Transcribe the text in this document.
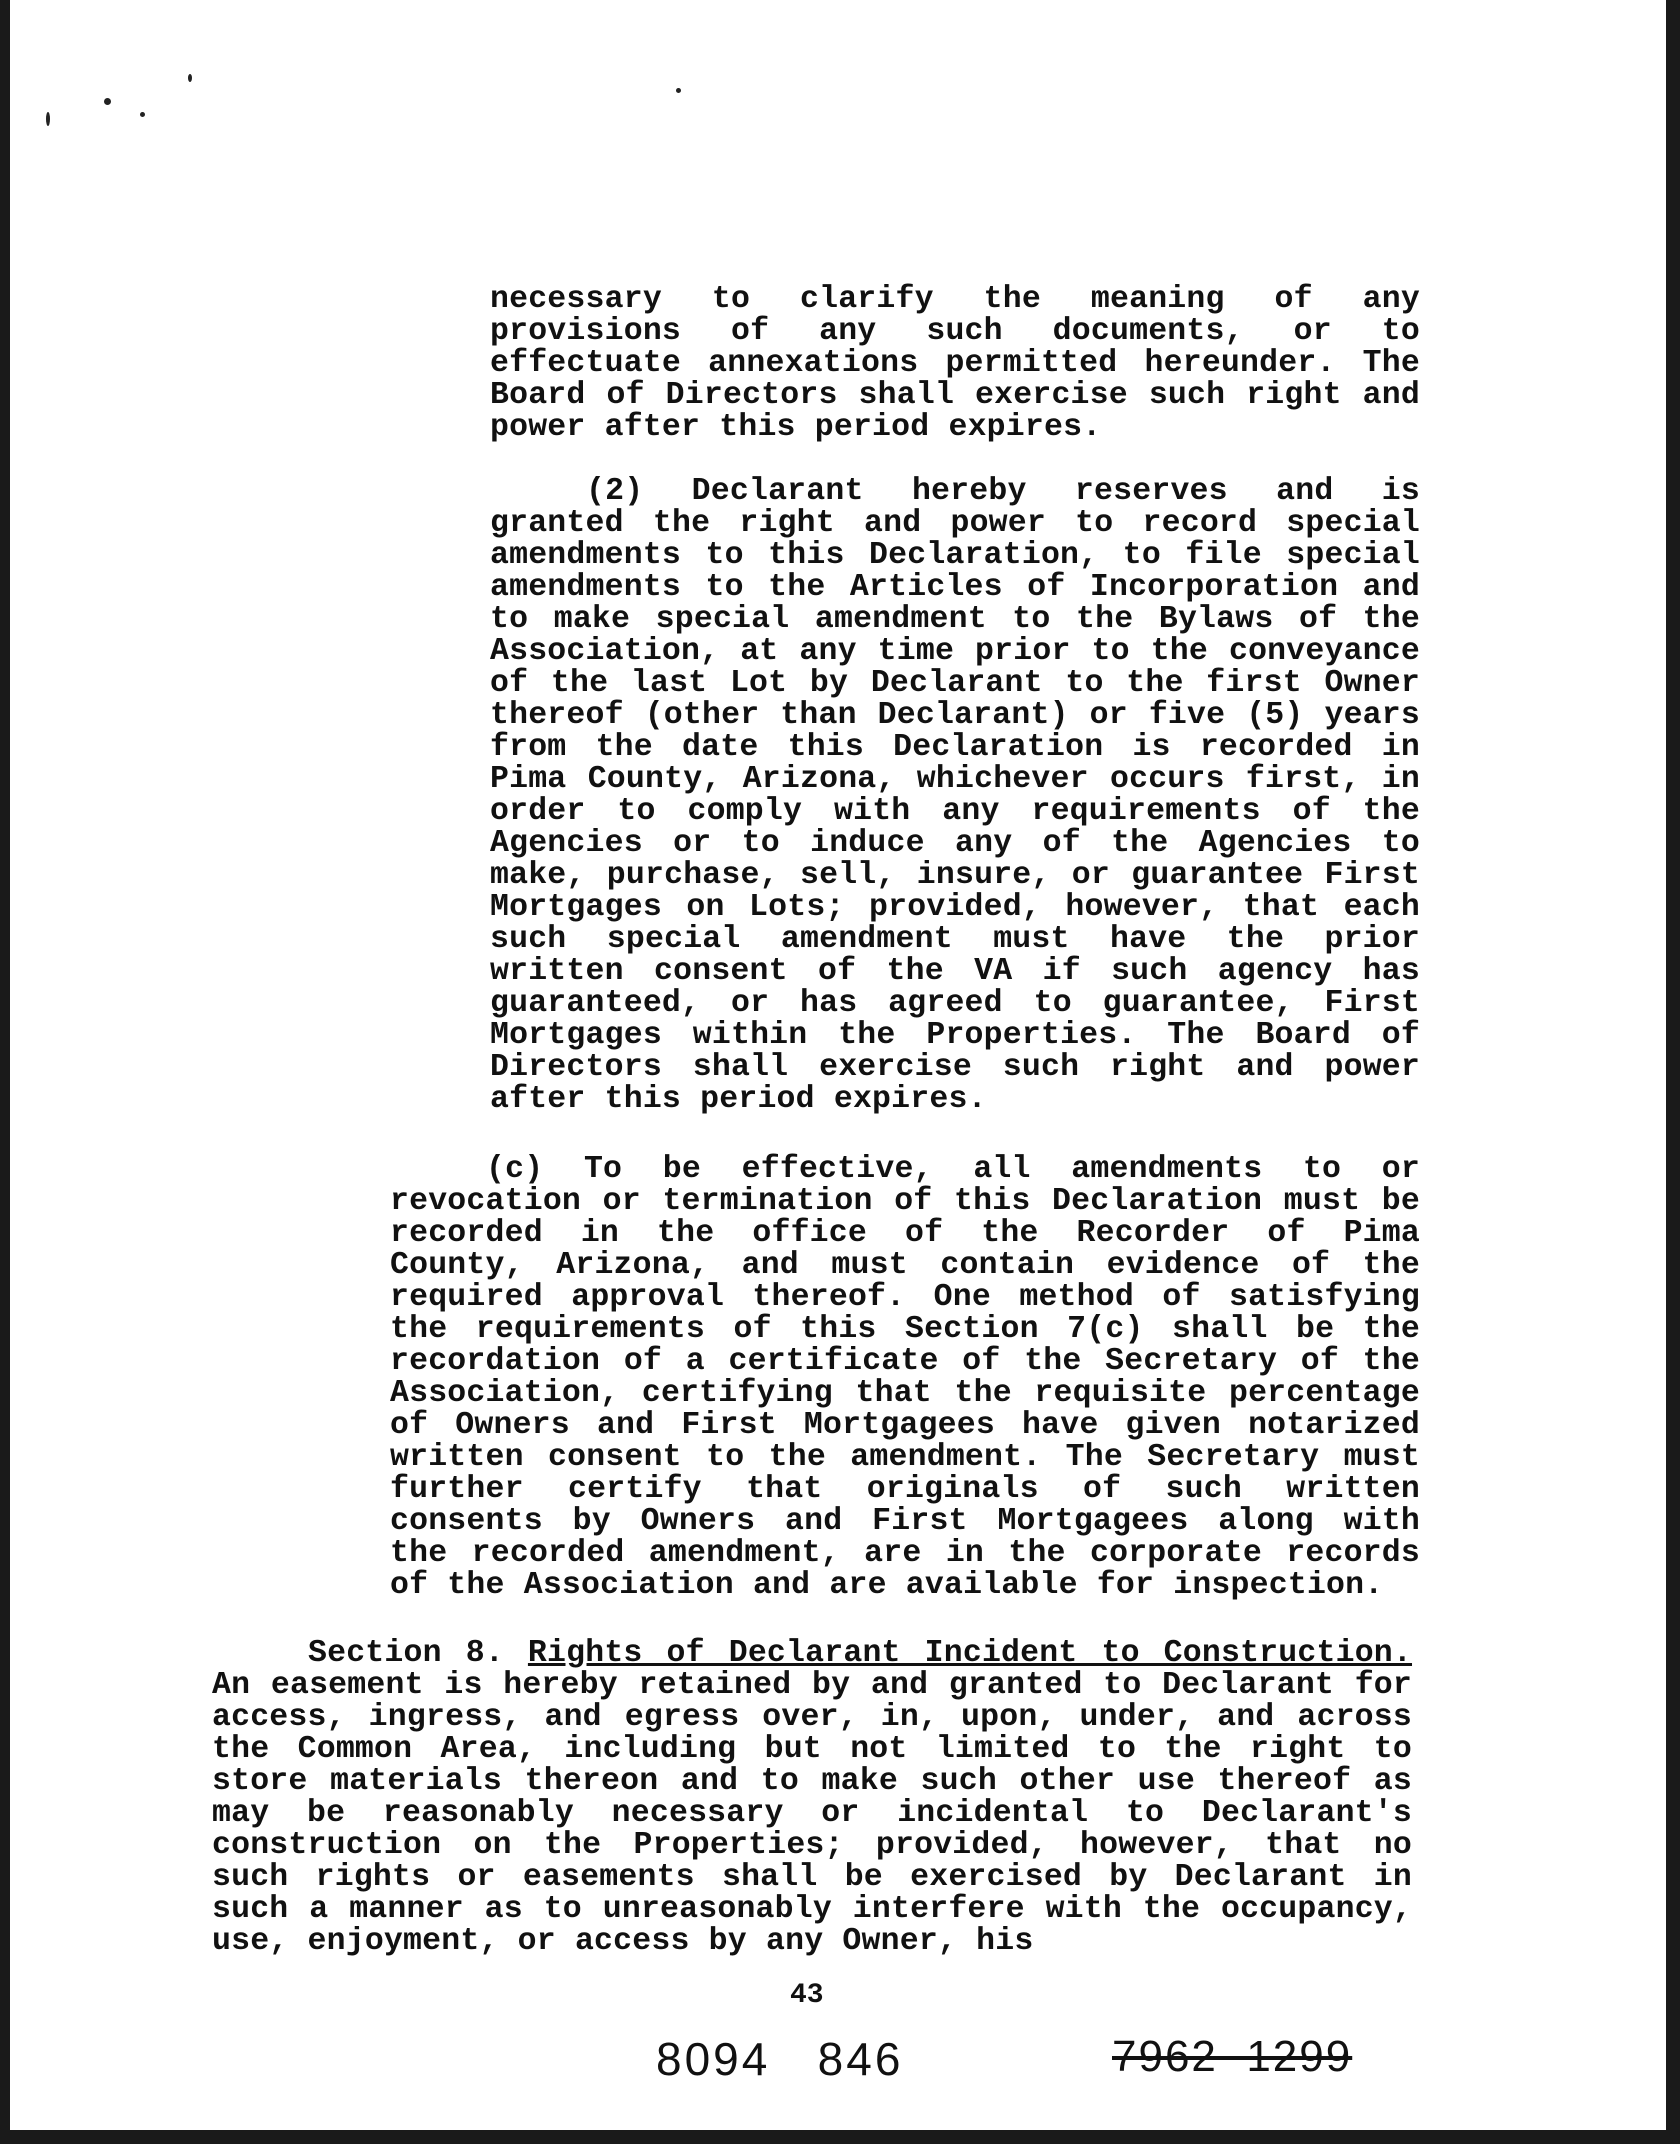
necessary to clarify the meaning of any provisions of any such documents, or to effectuate annexations permitted hereunder. The Board of Directors shall exercise such right and power after this period expires.

(2) Declarant hereby reserves and is granted the right and power to record special amendments to this Declaration, to file special amendments to the Articles of Incorporation and to make special amendment to the Bylaws of the Association, at any time prior to the conveyance of the last Lot by Declarant to the first Owner thereof (other than Declarant) or five (5) years from the date this Declaration is recorded in Pima County, Arizona, whichever occurs first, in order to comply with any requirements of the Agencies or to induce any of the Agencies to make, purchase, sell, insure, or guarantee First Mortgages on Lots; provided, however, that each such special amendment must have the prior written consent of the VA if such agency has guaranteed, or has agreed to guarantee, First Mortgages within the Properties. The Board of Directors shall exercise such right and power after this period expires.

(c) To be effective, all amendments to or revocation or termination of this Declaration must be recorded in the office of the Recorder of Pima County, Arizona, and must contain evidence of the required approval thereof. One method of satisfying the requirements of this Section 7(c) shall be the recordation of a certificate of the Secretary of the Association, certifying that the requisite percentage of Owners and First Mortgagees have given notarized written consent to the amendment. The Secretary must further certify that originals of such written consents by Owners and First Mortgagees along with the recorded amendment, are in the corporate records of the Association and are available for inspection.

Section 8. Rights of Declarant Incident to Construction. An easement is hereby retained by and granted to Declarant for access, ingress, and egress over, in, upon, under, and across the Common Area, including but not limited to the right to store materials thereon and to make such other use thereof as may be reasonably necessary or incidental to Declarant's construction on the Properties; provided, however, that no such rights or easements shall be exercised by Declarant in such a manner as to unreasonably interfere with the occupancy, use, enjoyment, or access by any Owner, his

43
8094   846	7962  1299
